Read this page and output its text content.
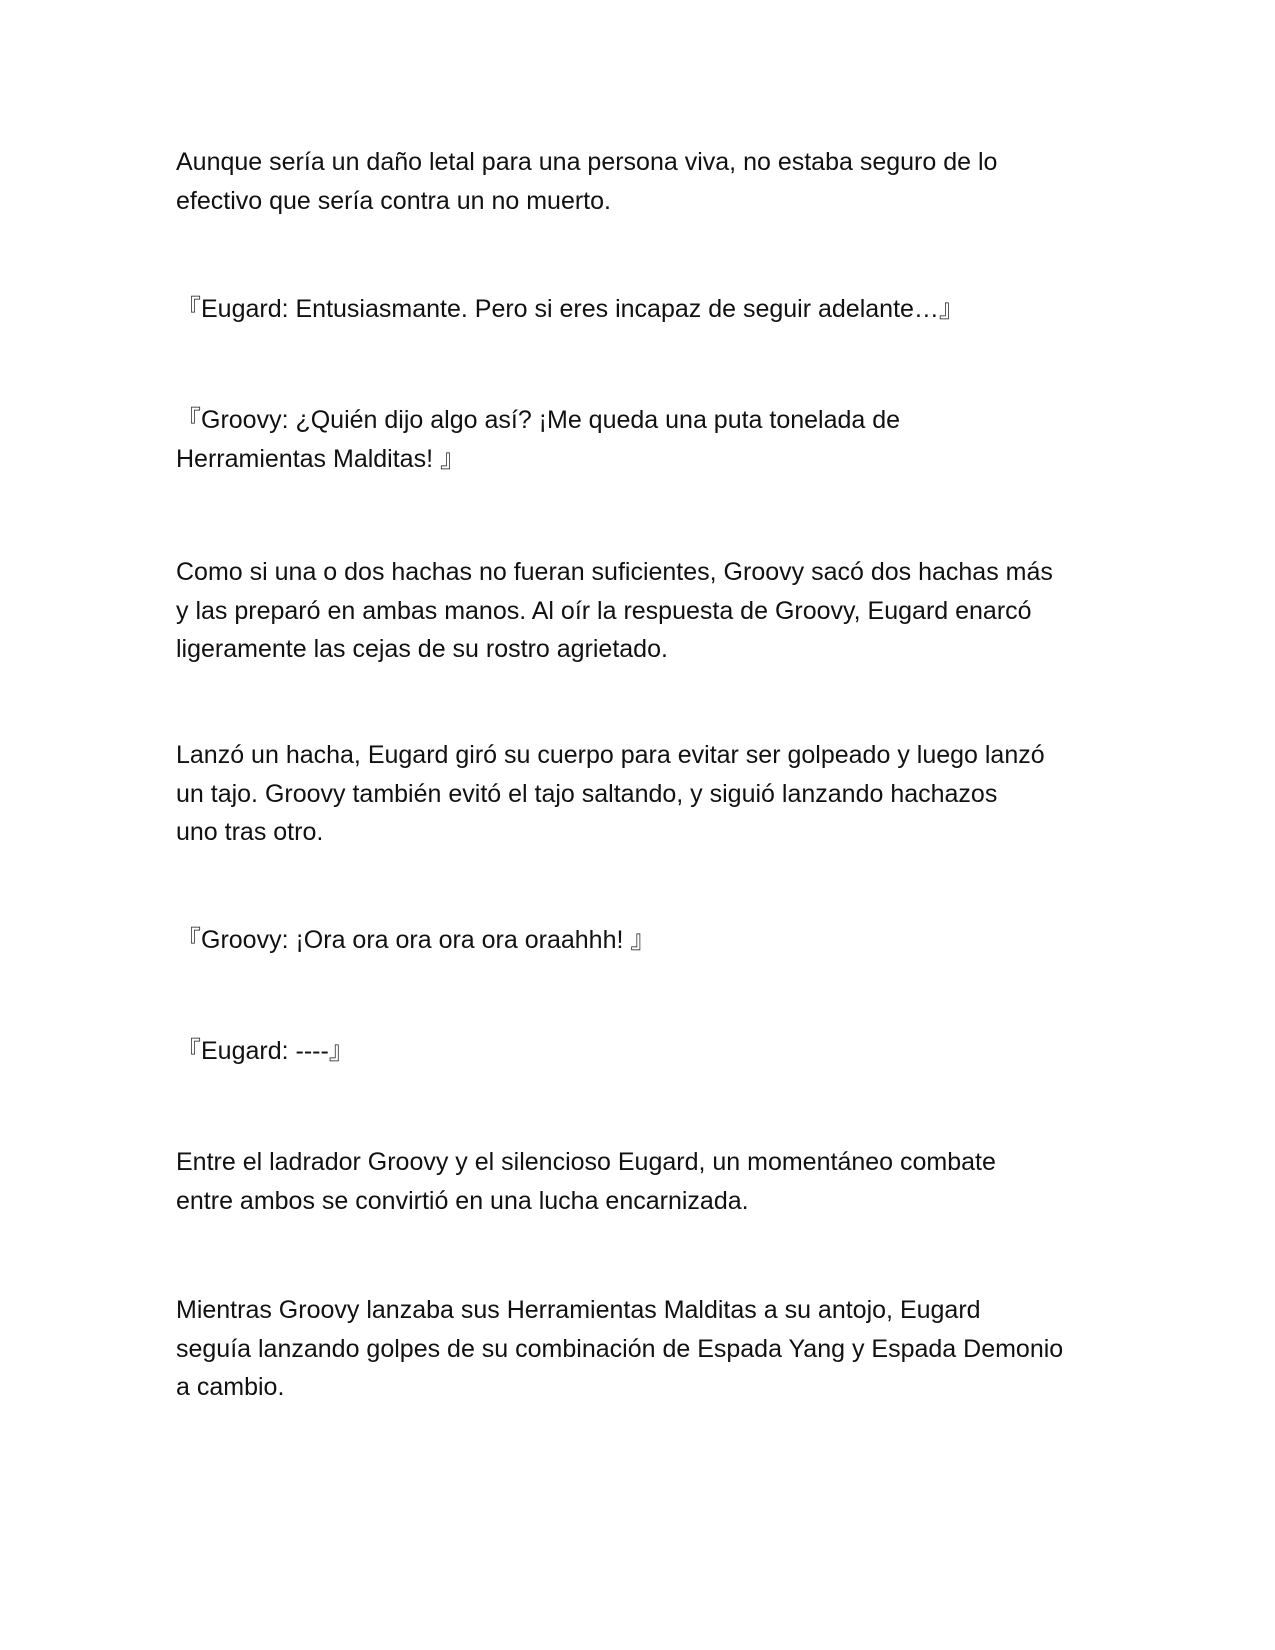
Aunque sería un daño letal para una persona viva, no estaba seguro de lo
efectivo que sería contra un no muerto.

『Eugard: Entusiasmante. Pero si eres incapaz de seguir adelante…』

『Groovy: ¿Quién dijo algo así? ¡Me queda una puta tonelada de
Herramientas Malditas! 』

Como si una o dos hachas no fueran suficientes, Groovy sacó dos hachas más
y las preparó en ambas manos. Al oír la respuesta de Groovy, Eugard enarcó
ligeramente las cejas de su rostro agrietado.

Lanzó un hacha, Eugard giró su cuerpo para evitar ser golpeado y luego lanzó
un tajo. Groovy también evitó el tajo saltando, y siguió lanzando hachazos
uno tras otro.

『Groovy: ¡Ora ora ora ora ora oraahhh! 』

『Eugard: ----』

Entre el ladrador Groovy y el silencioso Eugard, un momentáneo combate
entre ambos se convirtió en una lucha encarnizada.

Mientras Groovy lanzaba sus Herramientas Malditas a su antojo, Eugard
seguía lanzando golpes de su combinación de Espada Yang y Espada Demonio
a cambio.
